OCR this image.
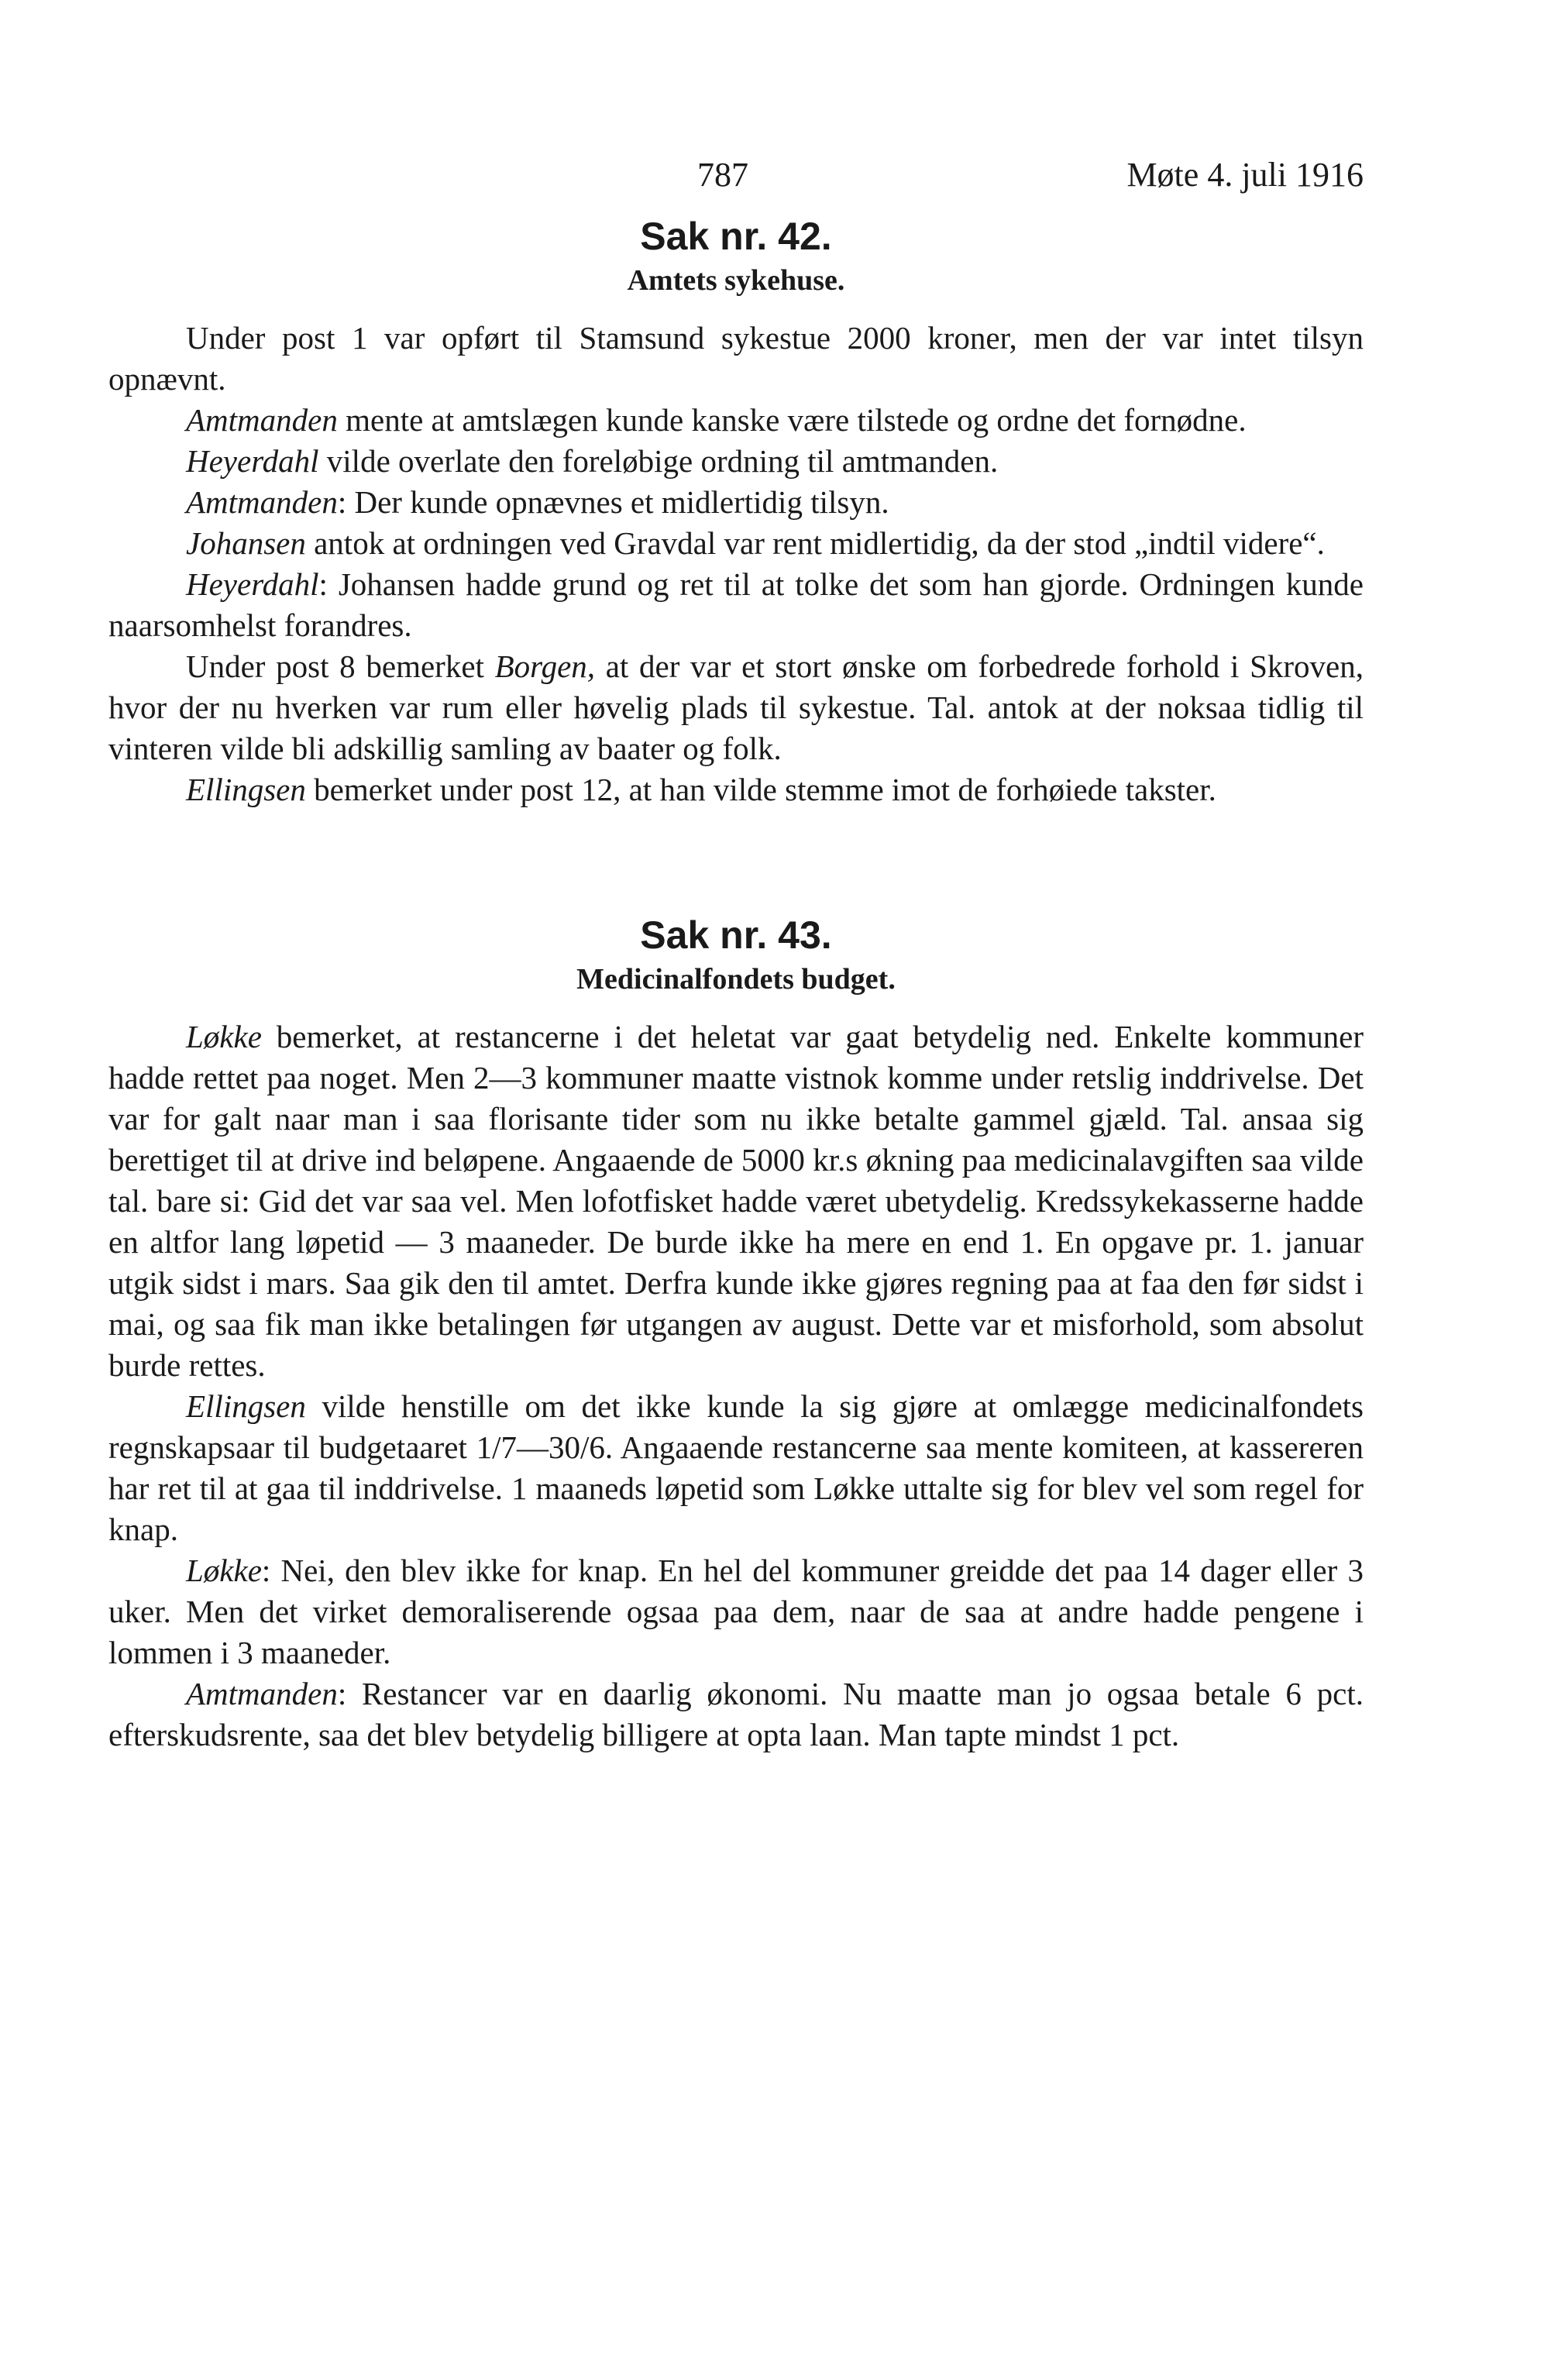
787	Møte 4. juli 1916
Sak nr. 42.
Amtets sykehuse.

Under post 1 var opført til Stamsund sykestue 2000 kroner, men der var intet tilsyn opnævnt.

Amtmanden mente at amtslægen kunde kanske være tilstede og ordne det fornødne.

Heyerdahl vilde overlate den foreløbige ordning til amtmanden.

Amtmanden: Der kunde opnævnes et midlertidig tilsyn.

Johansen antok at ordningen ved Gravdal var rent midlertidig, da der stod „indtil videre“.

Heyerdahl: Johansen hadde grund og ret til at tolke det som han gjorde. Ordningen kunde naarsomhelst forandres.

Under post 8 bemerket Borgen, at der var et stort ønske om forbedrede forhold i Skroven, hvor der nu hverken var rum eller høvelig plads til sykestue. Tal. antok at der noksaa tidlig til vinteren vilde bli adskillig samling av baater og folk.

Ellingsen bemerket under post 12, at han vilde stemme imot de forhøiede takster.

Sak nr. 43.
Medicinalfondets budget.

Løkke bemerket, at restancerne i det heletat var gaat betydelig ned. Enkelte kommuner hadde rettet paa noget. Men 2—3 kommuner maatte vistnok komme under retslig inddrivelse. Det var for galt naar man i saa florisante tider som nu ikke betalte gammel gjæld. Tal. ansaa sig berettiget til at drive ind beløpene. Angaaende de 5000 kr.s økning paa medicinalavgiften saa vilde tal. bare si: Gid det var saa vel. Men lofotfisket hadde været ubetydelig. Kredssykekasserne hadde en altfor lang løpetid — 3 maaneder. De burde ikke ha mere en end 1. En opgave pr. 1. januar utgik sidst i mars. Saa gik den til amtet. Derfra kunde ikke gjøres regning paa at faa den før sidst i mai, og saa fik man ikke betalingen før utgangen av august. Dette var et misforhold, som absolut burde rettes.

Ellingsen vilde henstille om det ikke kunde la sig gjøre at omlægge medicinalfondets regnskapsaar til budgetaaret 1/7—30/6. Angaaende restancerne saa mente komiteen, at kassereren har ret til at gaa til inddrivelse. 1 maaneds løpetid som Løkke uttalte sig for blev vel som regel for knap.

Løkke: Nei, den blev ikke for knap. En hel del kommuner greidde det paa 14 dager eller 3 uker. Men det virket demoraliserende ogsaa paa dem, naar de saa at andre hadde pengene i lommen i 3 maaneder.

Amtmanden: Restancer var en daarlig økonomi. Nu maatte man jo ogsaa betale 6 pct. efterskudsrente, saa det blev betydelig billigere at opta laan. Man tapte mindst 1 pct.
